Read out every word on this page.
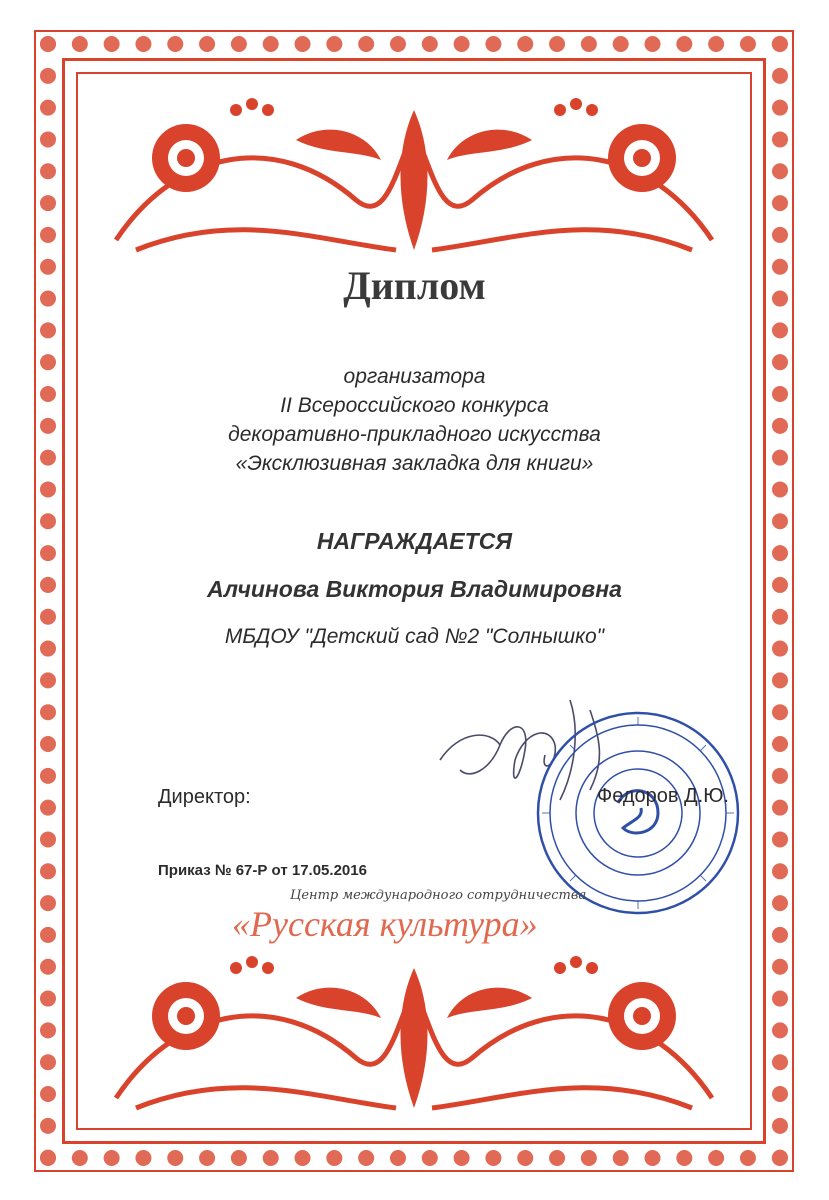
Диплом
организатора
II Всероссийского конкурса
декоративно-прикладного искусства
«Эксклюзивная закладка для книги»
НАГРАЖДАЕТСЯ
Алчинова Виктория Владимировна
МБДОУ "Детский сад №2 "Солнышко"
Директор:	Федоров Д.Ю.
Приказ № 67-Р от 17.05.2016
Центр международного сотрудничества
«Русская культура»
